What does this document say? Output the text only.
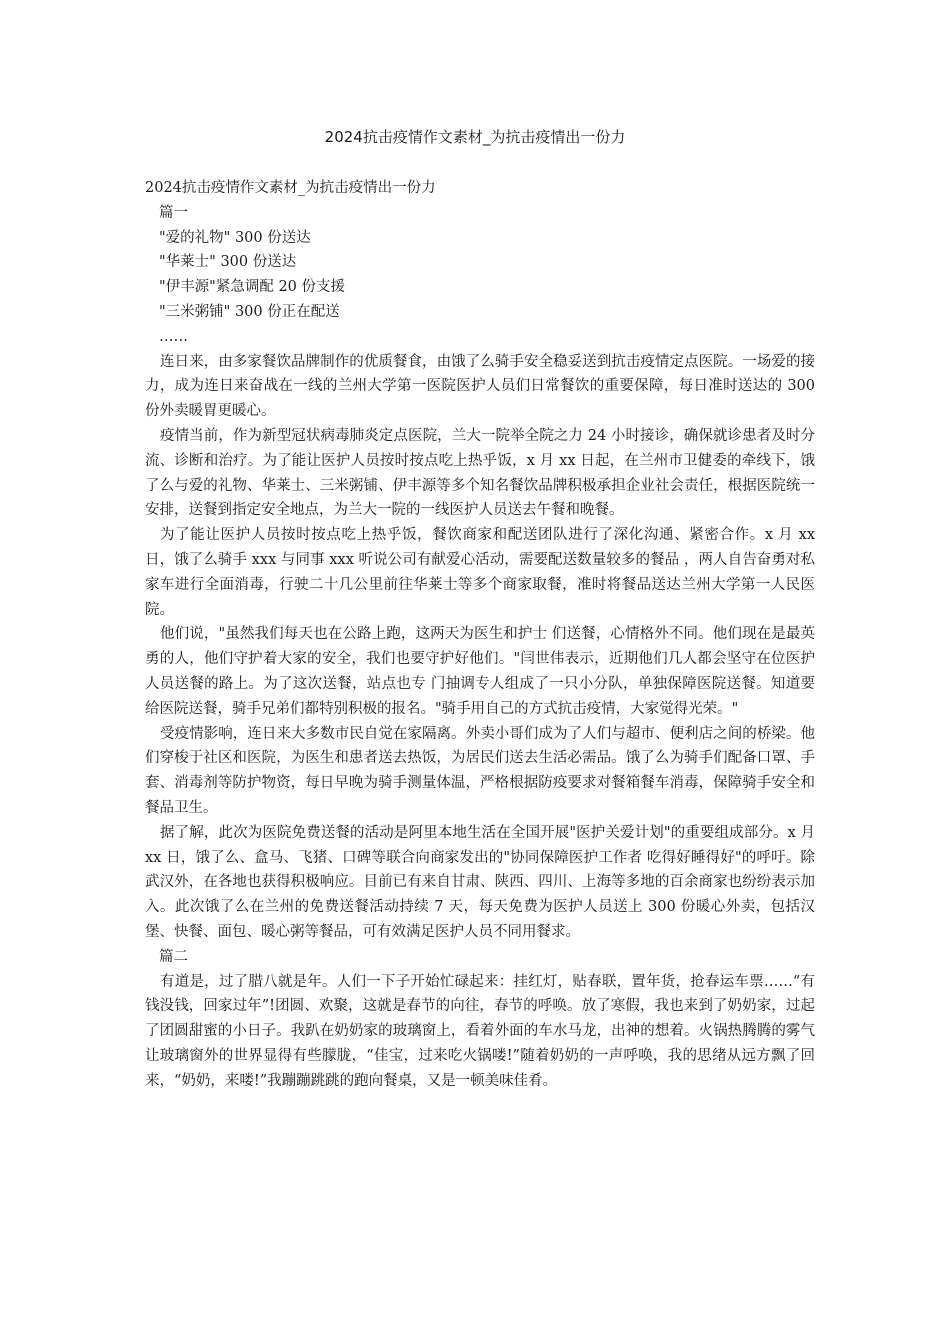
2024抗击疫情作文素材_为抗击疫情出一份力

2024抗击疫情作文素材_为抗击疫情出一份力

篇一

"爱的礼物" 300 份送达

"华莱士" 300 份送达

"伊丰源"紧急调配 20 份支援

"三米粥铺" 300 份正在配送

……

连日来，由多家餐饮品牌制作的优质餐食，由饿了么骑手安全稳妥送到抗击疫情定点医院。一场爱的接力，成为连日来奋战在一线的兰州大学第一医院医护人员们日常餐饮的重要保障，每日准时送达的 300 份外卖暖胃更暖心。

疫情当前，作为新型冠状病毒肺炎定点医院，兰大一院举全院之力 24 小时接诊，确保就诊患者及时分流、诊断和治疗。为了能让医护人员按时按点吃上热乎饭，x 月 xx 日起，在兰州市卫健委的牵线下，饿了么与爱的礼物、华莱士、三米粥铺、伊丰源等多个知名餐饮品牌积极承担企业社会责任，根据医院统一安排，送餐到指定安全地点，为兰大一院的一线医护人员送去午餐和晚餐。

为了能让医护人员按时按点吃上热乎饭，餐饮商家和配送团队进行了深化沟通、紧密合作。x 月 xx 日，饿了么骑手 xxx 与同事 xxx 听说公司有献爱心活动，需要配送数量较多的餐品 ，两人自告奋勇对私家车进行全面消毒，行驶二十几公里前往华莱士等多个商家取餐，准时将餐品送达兰州大学第一人民医院。

他们说，"虽然我们每天也在公路上跑，这两天为医生和护士 们送餐，心情格外不同。他们现在是最英勇的人，他们守护着大家的安全，我们也要守护好他们。"闫世伟表示，近期他们几人都会坚守在位医护人员送餐的路上。为了这次送餐，站点也专 门抽调专人组成了一只小分队，单独保障医院送餐。知道要给医院送餐，骑手兄弟们都特别积极的报名。"骑手用自己的方式抗击疫情，大家觉得光荣。"

受疫情影响，连日来大多数市民自觉在家隔离。外卖小哥们成为了人们与超市、便利店之间的桥梁。他们穿梭于社区和医院，为医生和患者送去热饭，为居民们送去生活必需品。饿了么为骑手们配备口罩、手套、消毒剂等防护物资，每日早晚为骑手测量体温，严格根据防疫要求对餐箱餐车消毒，保障骑手安全和餐品卫生。

据了解，此次为医院免费送餐的活动是阿里本地生活在全国开展"医护关爱计划"的重要组成部分。x 月 xx 日，饿了么、盒马、飞猪、口碑等联合向商家发出的"协同保障医护工作者 吃得好睡得好"的呼吁。除武汉外，在各地也获得积极响应。目前已有来自甘肃、陕西、四川、上海等多地的百余商家也纷纷表示加入。此次饿了么在兰州的免费送餐活动持续 7 天，每天免费为医护人员送上 300 份暖心外卖，包括汉堡、快餐、面包、暖心粥等餐品，可有效满足医护人员不同用餐求。

篇二

有道是，过了腊八就是年。人们一下子开始忙碌起来：挂红灯，贴春联，置年货，抢春运车票……“有钱没钱，回家过年”!团圆、欢聚，这就是春节的向往，春节的呼唤。放了寒假，我也来到了奶奶家，过起了团圆甜蜜的小日子。我趴在奶奶家的玻璃窗上，看着外面的车水马龙，出神的想着。火锅热腾腾的雾气让玻璃窗外的世界显得有些朦胧，“佳宝，过来吃火锅喽!”随着奶奶的一声呼唤，我的思绪从远方飘了回来，“奶奶，来喽!”我蹦蹦跳跳的跑向餐桌，又是一顿美味佳肴。
